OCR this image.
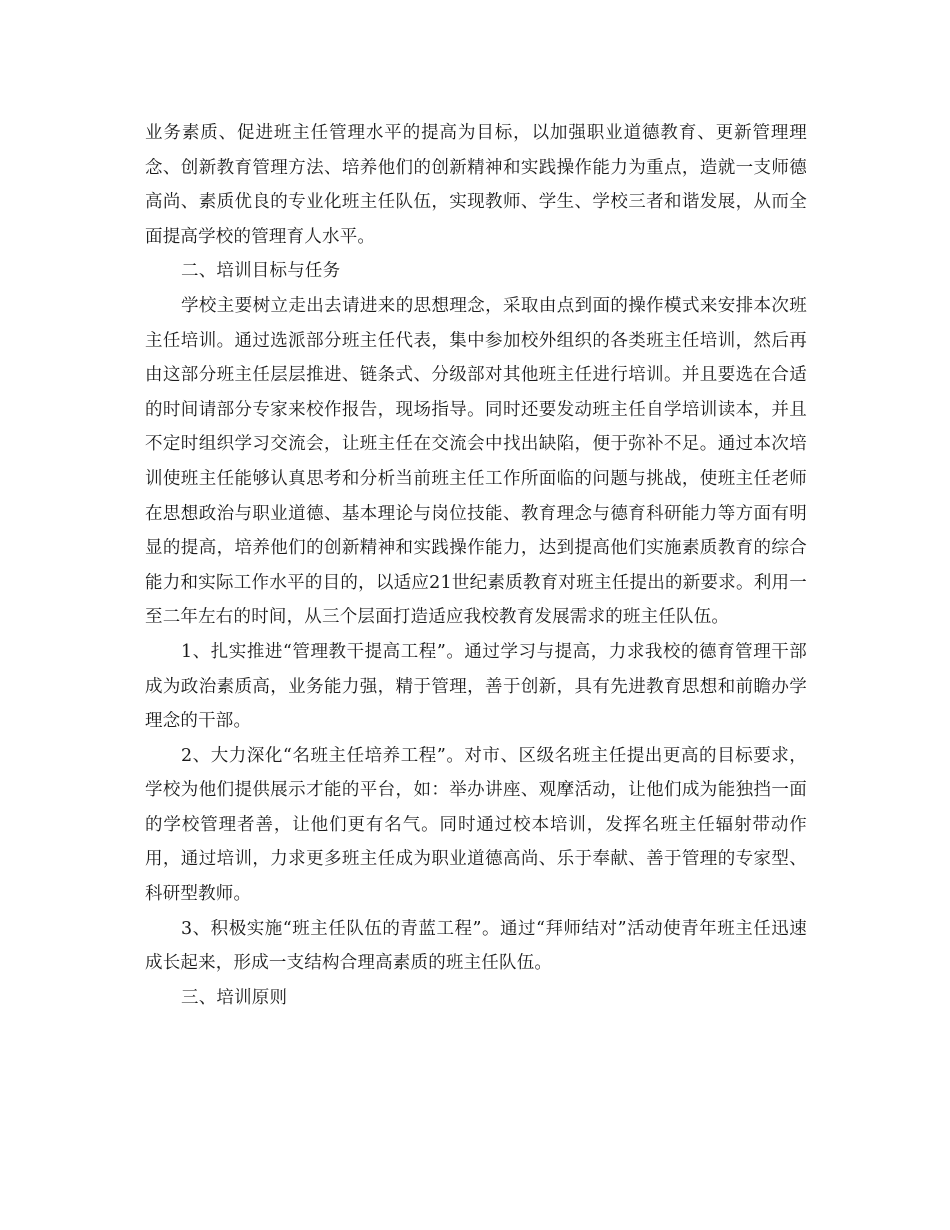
业务素质、促进班主任管理水平的提高为目标，以加强职业道德教育、更新管理理念、创新教育管理方法、培养他们的创新精神和实践操作能力为重点，造就一支师德高尚、素质优良的专业化班主任队伍，实现教师、学生、学校三者和谐发展，从而全面提高学校的管理育人水平。

二、培训目标与任务

学校主要树立走出去请进来的思想理念，采取由点到面的操作模式来安排本次班主任培训。通过选派部分班主任代表，集中参加校外组织的各类班主任培训，然后再由这部分班主任层层推进、链条式、分级部对其他班主任进行培训。并且要选在合适的时间请部分专家来校作报告，现场指导。同时还要发动班主任自学培训读本，并且不定时组织学习交流会，让班主任在交流会中找出缺陷，便于弥补不足。通过本次培训使班主任能够认真思考和分析当前班主任工作所面临的问题与挑战，使班主任老师在思想政治与职业道德、基本理论与岗位技能、教育理念与德育科研能力等方面有明显的提高，培养他们的创新精神和实践操作能力，达到提高他们实施素质教育的综合能力和实际工作水平的目的，以适应21世纪素质教育对班主任提出的新要求。利用一至二年左右的时间，从三个层面打造适应我校教育发展需求的班主任队伍。

1、扎实推进“管理教干提高工程”。通过学习与提高，力求我校的德育管理干部成为政治素质高，业务能力强，精于管理，善于创新，具有先进教育思想和前瞻办学理念的干部。

2、大力深化“名班主任培养工程”。对市、区级名班主任提出更高的目标要求，学校为他们提供展示才能的平台，如：举办讲座、观摩活动，让他们成为能独挡一面的学校管理者善，让他们更有名气。同时通过校本培训，发挥名班主任辐射带动作用，通过培训，力求更多班主任成为职业道德高尚、乐于奉献、善于管理的专家型、科研型教师。

3、积极实施“班主任队伍的青蓝工程”。通过“拜师结对”活动使青年班主任迅速成长起来，形成一支结构合理高素质的班主任队伍。

三、培训原则
